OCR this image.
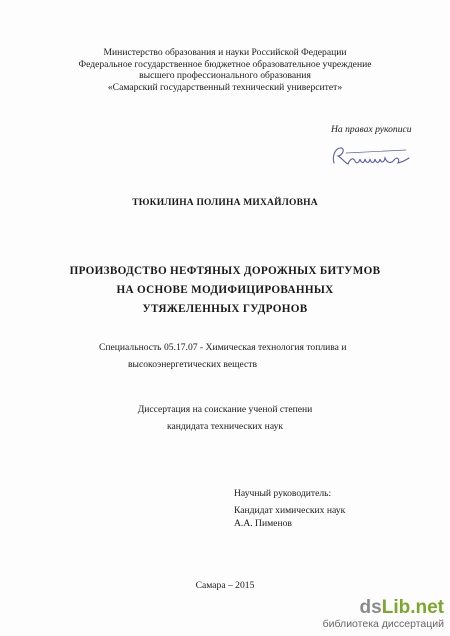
Министерство образования и науки Российской Федерации
Федеральное государственное бюджетное образовательное учреждение
высшего профессионального образования
«Самарский государственный технический университет»
На правах рукописи
ТЮКИЛИНА ПОЛИНА МИХАЙЛОВНА
ПРОИЗВОДСТВО НЕФТЯНЫХ ДОРОЖНЫХ БИТУМОВ
НА ОСНОВЕ МОДИФИЦИРОВАННЫХ
УТЯЖЕЛЕННЫХ ГУДРОНОВ
Специальность 05.17.07 - Химическая технология топлива и
высокоэнергетических веществ
Диссертация на соискание ученой степени
кандидата технических наук
Научный руководитель:
Кандидат химических наук
А.А. Пименов
Самара – 2015
dsLib.net
библиотека диссертаций
